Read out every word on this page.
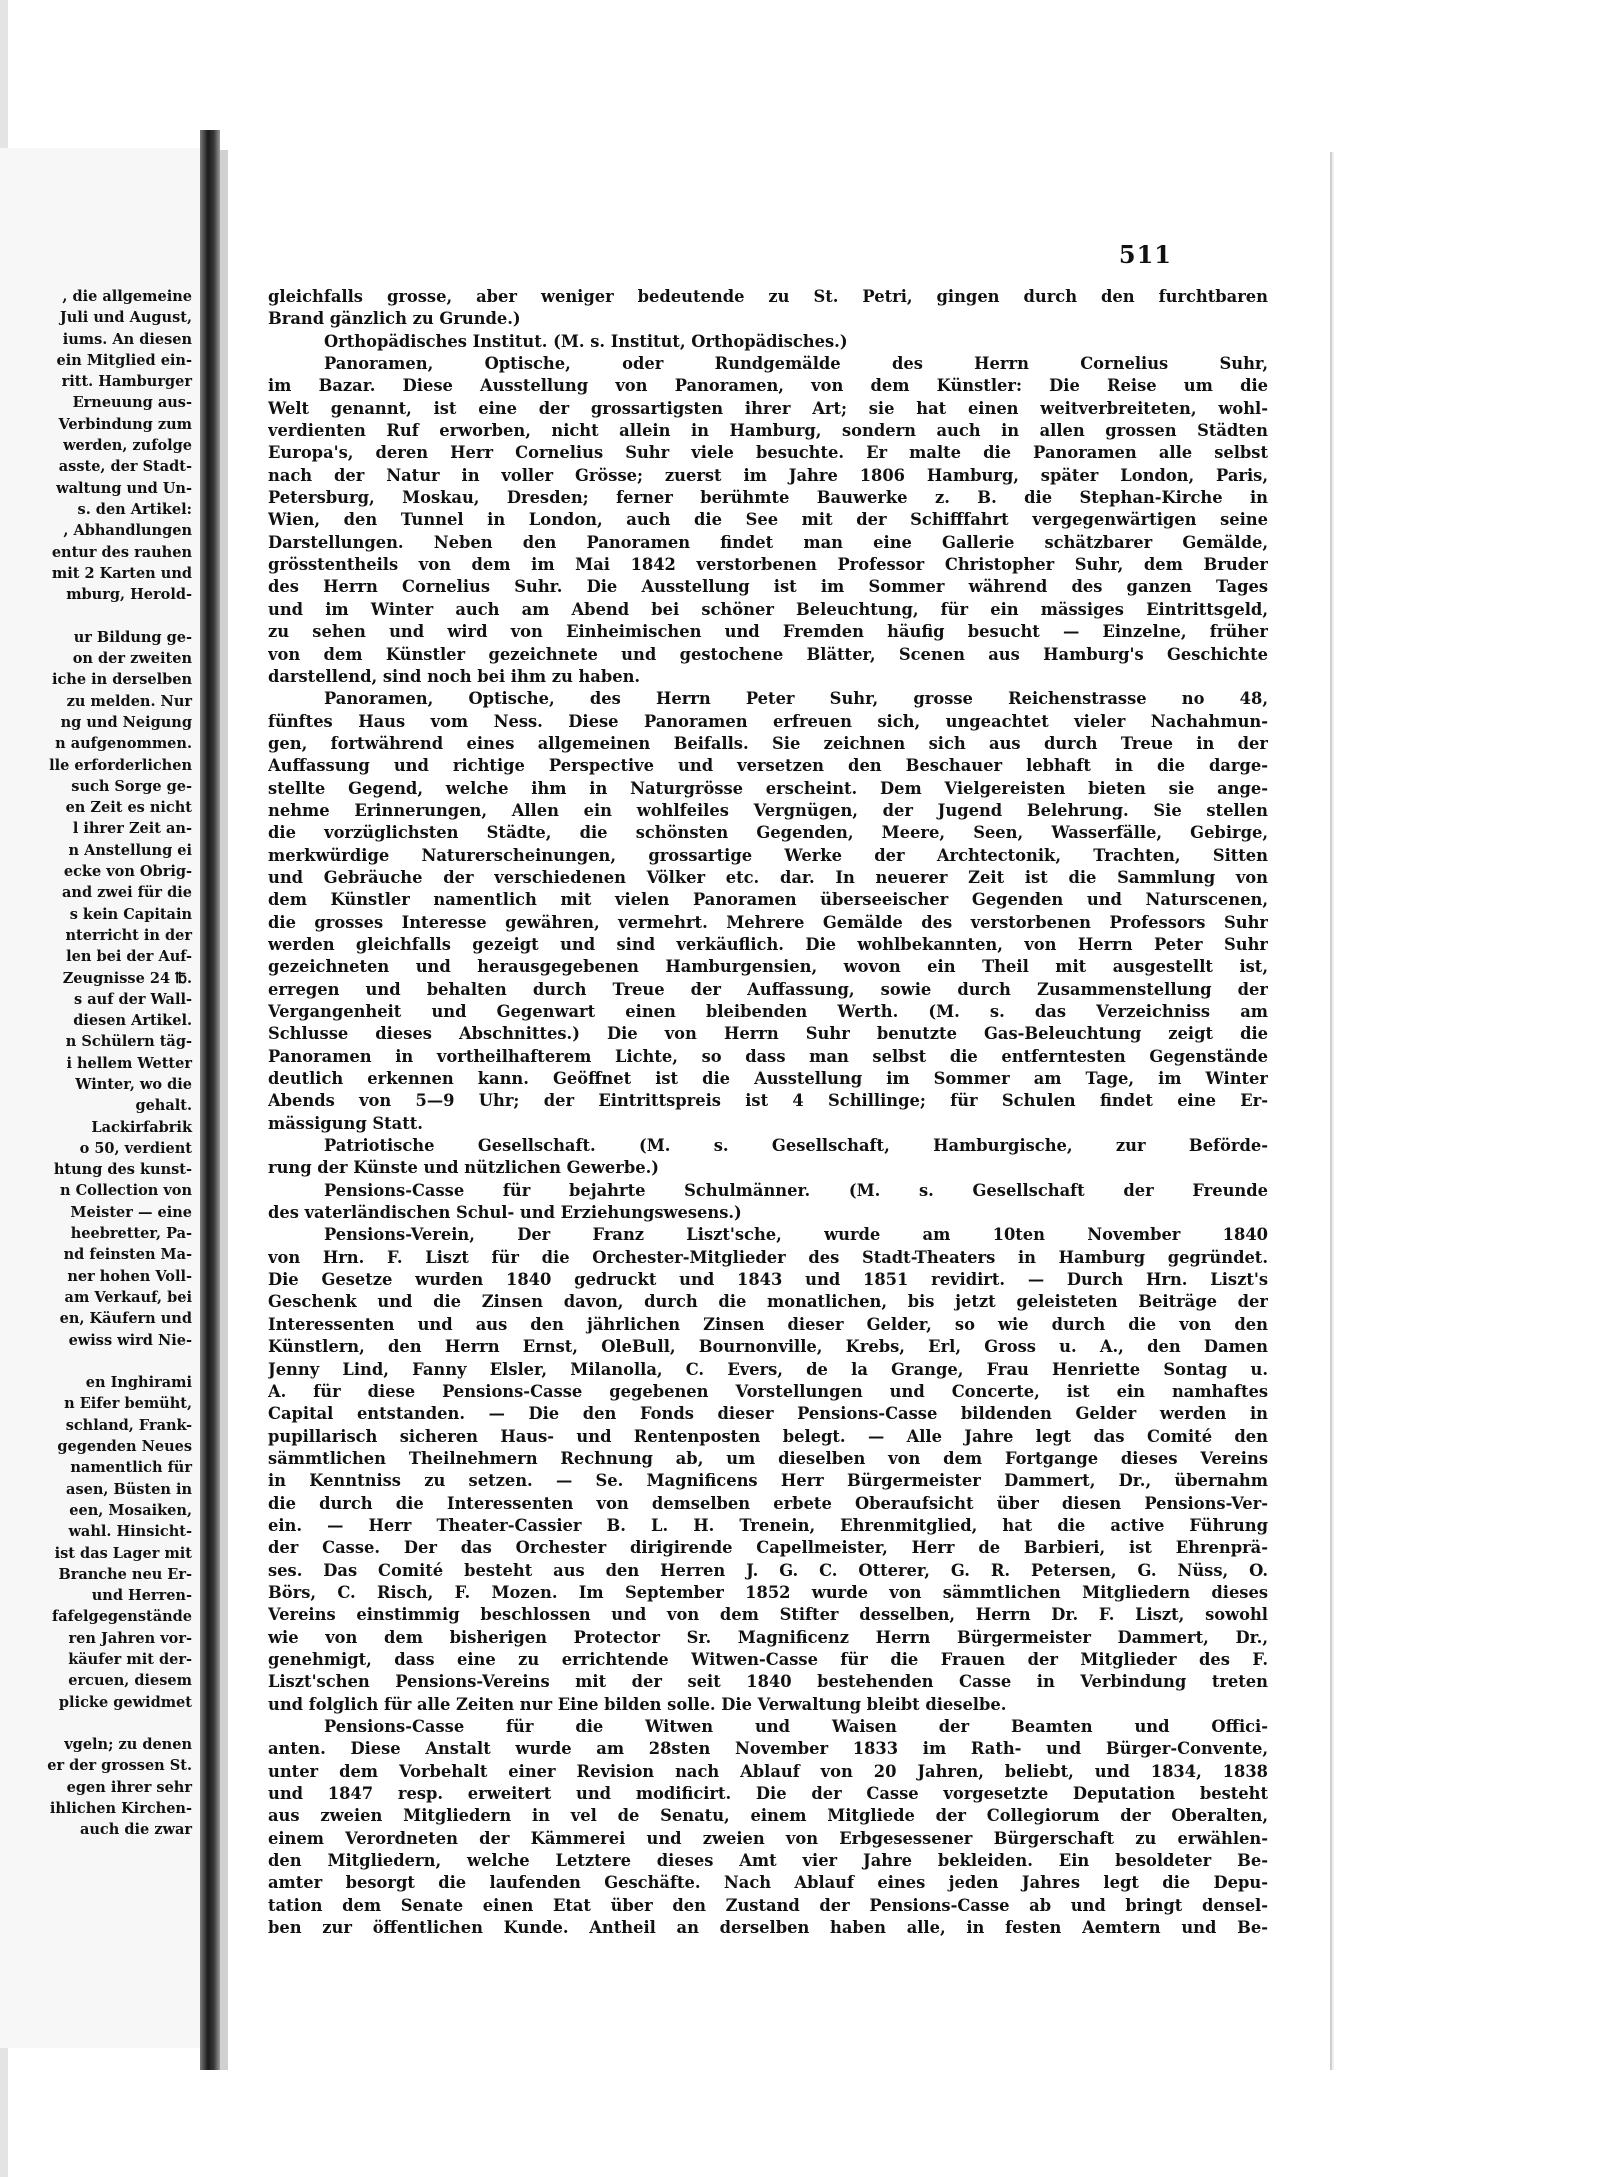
, die allgemeine
Juli und August,
iums. An diesen
ein Mitglied ein-
ritt. Hamburger
Erneuung aus-
Verbindung zum
werden, zufolge
asste, der Stadt-
waltung und Un-
s. den Artikel:
, Abhandlungen
entur des rauhen
mit 2 Karten und
mburg, Herold-
ur Bildung ge-
on der zweiten
iche in derselben
zu melden. Nur
ng und Neigung
n aufgenommen.
lle erforderlichen
such Sorge ge-
en Zeit es nicht
l ihrer Zeit an-
n Anstellung ei
ecke von Obrig-
and zwei für die
s kein Capitain
nterricht in der
len bei der Auf-
Zeugnisse 24 ℔.
s auf der Wall-
diesen Artikel.
n Schülern täg-
i hellem Wetter
Winter, wo die
gehalt.
Lackirfabrik
o 50, verdient
htung des kunst-
n Collection von
Meister — eine
heebretter, Pa-
nd feinsten Ma-
ner hohen Voll-
am Verkauf, bei
en, Käufern und
ewiss wird Nie-
en Inghirami
n Eifer bemüht,
schland, Frank-
gegenden Neues
namentlich für
asen, Büsten in
een, Mosaiken,
wahl. Hinsicht-
ist das Lager mit
Branche neu Er-
und Herren-
fafelgegenstände
ren Jahren vor-
käufer mit der-
ercuen, diesem
plicke gewidmet
vgeln; zu denen
er der grossen St.
egen ihrer sehr
ihlichen Kirchen-
auch die zwar
511
gleichfalls grosse, aber weniger bedeutende zu St. Petri, gingen durch den furchtbaren
Brand gänzlich zu Grunde.)
Orthopädisches Institut. (M. s. Institut, Orthopädisches.)
Panoramen, Optische, oder Rundgemälde des Herrn Cornelius Suhr,
im Bazar. Diese Ausstellung von Panoramen, von dem Künstler: Die Reise um die
Welt genannt, ist eine der grossartigsten ihrer Art; sie hat einen weitverbreiteten, wohl-
verdienten Ruf erworben, nicht allein in Hamburg, sondern auch in allen grossen Städten
Europa's, deren Herr Cornelius Suhr viele besuchte. Er malte die Panoramen alle selbst
nach der Natur in voller Grösse; zuerst im Jahre 1806 Hamburg, später London, Paris,
Petersburg, Moskau, Dresden; ferner berühmte Bauwerke z. B. die Stephan-Kirche in
Wien, den Tunnel in London, auch die See mit der Schifffahrt vergegenwärtigen seine
Darstellungen. Neben den Panoramen findet man eine Gallerie schätzbarer Gemälde,
grösstentheils von dem im Mai 1842 verstorbenen Professor Christopher Suhr, dem Bruder
des Herrn Cornelius Suhr. Die Ausstellung ist im Sommer während des ganzen Tages
und im Winter auch am Abend bei schöner Beleuchtung, für ein mässiges Eintrittsgeld,
zu sehen und wird von Einheimischen und Fremden häufig besucht — Einzelne, früher
von dem Künstler gezeichnete und gestochene Blätter, Scenen aus Hamburg's Geschichte
darstellend, sind noch bei ihm zu haben.
Panoramen, Optische, des Herrn Peter Suhr, grosse Reichenstrasse no 48,
fünftes Haus vom Ness. Diese Panoramen erfreuen sich, ungeachtet vieler Nachahmun-
gen, fortwährend eines allgemeinen Beifalls. Sie zeichnen sich aus durch Treue in der
Auffassung und richtige Perspective und versetzen den Beschauer lebhaft in die darge-
stellte Gegend, welche ihm in Naturgrösse erscheint. Dem Vielgereisten bieten sie ange-
nehme Erinnerungen, Allen ein wohlfeiles Vergnügen, der Jugend Belehrung. Sie stellen
die vorzüglichsten Städte, die schönsten Gegenden, Meere, Seen, Wasserfälle, Gebirge,
merkwürdige Naturerscheinungen, grossartige Werke der Archtectonik, Trachten, Sitten
und Gebräuche der verschiedenen Völker etc. dar. In neuerer Zeit ist die Sammlung von
dem Künstler namentlich mit vielen Panoramen überseeischer Gegenden und Naturscenen,
die grosses Interesse gewähren, vermehrt. Mehrere Gemälde des verstorbenen Professors Suhr
werden gleichfalls gezeigt und sind verkäuflich. Die wohlbekannten, von Herrn Peter Suhr
gezeichneten und herausgegebenen Hamburgensien, wovon ein Theil mit ausgestellt ist,
erregen und behalten durch Treue der Auffassung, sowie durch Zusammenstellung der
Vergangenheit und Gegenwart einen bleibenden Werth. (M. s. das Verzeichniss am
Schlusse dieses Abschnittes.) Die von Herrn Suhr benutzte Gas-Beleuchtung zeigt die
Panoramen in vortheilhafterem Lichte, so dass man selbst die entferntesten Gegenstände
deutlich erkennen kann. Geöffnet ist die Ausstellung im Sommer am Tage, im Winter
Abends von 5—9 Uhr; der Eintrittspreis ist 4 Schillinge; für Schulen findet eine Er-
mässigung Statt.
Patriotische Gesellschaft. (M. s. Gesellschaft, Hamburgische, zur Beförde-
rung der Künste und nützlichen Gewerbe.)
Pensions-Casse für bejahrte Schulmänner. (M. s. Gesellschaft der Freunde
des vaterländischen Schul- und Erziehungswesens.)
Pensions-Verein, Der Franz Liszt'sche, wurde am 10ten November 1840
von Hrn. F. Liszt für die Orchester-Mitglieder des Stadt-Theaters in Hamburg gegründet.
Die Gesetze wurden 1840 gedruckt und 1843 und 1851 revidirt. — Durch Hrn. Liszt's
Geschenk und die Zinsen davon, durch die monatlichen, bis jetzt geleisteten Beiträge der
Interessenten und aus den jährlichen Zinsen dieser Gelder, so wie durch die von den
Künstlern, den Herrn Ernst, OleBull, Bournonville, Krebs, Erl, Gross u. A., den Damen
Jenny Lind, Fanny Elsler, Milanolla, C. Evers, de la Grange, Frau Henriette Sontag u.
A. für diese Pensions-Casse gegebenen Vorstellungen und Concerte, ist ein namhaftes
Capital entstanden. — Die den Fonds dieser Pensions-Casse bildenden Gelder werden in
pupillarisch sicheren Haus- und Rentenposten belegt. — Alle Jahre legt das Comité den
sämmtlichen Theilnehmern Rechnung ab, um dieselben von dem Fortgange dieses Vereins
in Kenntniss zu setzen. — Se. Magnificens Herr Bürgermeister Dammert, Dr., übernahm
die durch die Interessenten von demselben erbete Oberaufsicht über diesen Pensions-Ver-
ein. — Herr Theater-Cassier B. L. H. Trenein, Ehrenmitglied, hat die active Führung
der Casse. Der das Orchester dirigirende Capellmeister, Herr de Barbieri, ist Ehrenprä-
ses. Das Comité besteht aus den Herren J. G. C. Otterer, G. R. Petersen, G. Nüss, O.
Börs, C. Risch, F. Mozen. Im September 1852 wurde von sämmtlichen Mitgliedern dieses
Vereins einstimmig beschlossen und von dem Stifter desselben, Herrn Dr. F. Liszt, sowohl
wie von dem bisherigen Protector Sr. Magnificenz Herrn Bürgermeister Dammert, Dr.,
genehmigt, dass eine zu errichtende Witwen-Casse für die Frauen der Mitglieder des F.
Liszt'schen Pensions-Vereins mit der seit 1840 bestehenden Casse in Verbindung treten
und folglich für alle Zeiten nur Eine bilden solle. Die Verwaltung bleibt dieselbe.
Pensions-Casse für die Witwen und Waisen der Beamten und Offici-
anten. Diese Anstalt wurde am 28sten November 1833 im Rath- und Bürger-Convente,
unter dem Vorbehalt einer Revision nach Ablauf von 20 Jahren, beliebt, und 1834, 1838
und 1847 resp. erweitert und modificirt. Die der Casse vorgesetzte Deputation besteht
aus zweien Mitgliedern in vel de Senatu, einem Mitgliede der Collegiorum der Oberalten,
einem Verordneten der Kämmerei und zweien von Erbgesessener Bürgerschaft zu erwählen-
den Mitgliedern, welche Letztere dieses Amt vier Jahre bekleiden. Ein besoldeter Be-
amter besorgt die laufenden Geschäfte. Nach Ablauf eines jeden Jahres legt die Depu-
tation dem Senate einen Etat über den Zustand der Pensions-Casse ab und bringt densel-
ben zur öffentlichen Kunde. Antheil an derselben haben alle, in festen Aemtern und Be-
